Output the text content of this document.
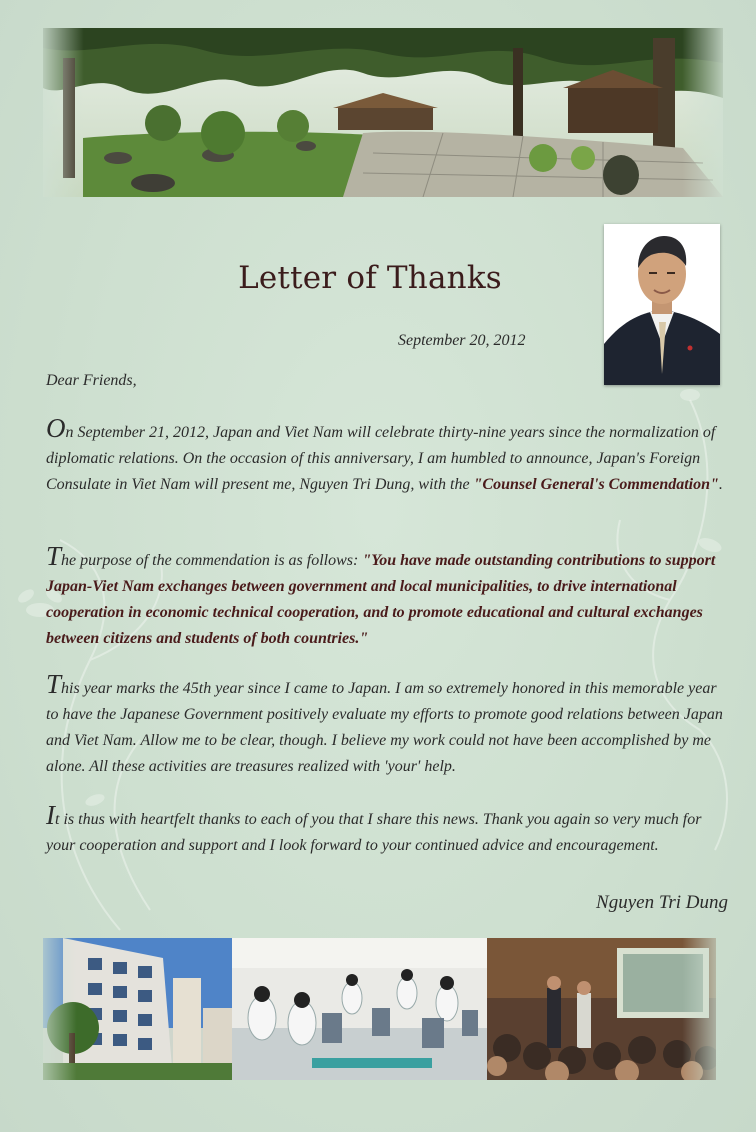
Letter of Thanks
September 20, 2012
Dear Friends,
On September 21, 2012, Japan and Viet Nam will celebrate thirty-nine years since the normalization of diplomatic relations. On the occasion of this anniversary, I am humbled to announce, Japan's Foreign Consulate in Viet Nam will present me, Nguyen Tri Dung, with the "Counsel General's Commendation".
The purpose of the commendation is as follows: "You have made outstanding contributions to support Japan-Viet Nam exchanges between government and local municipalities, to drive international cooperation in economic technical cooperation, and to promote educational and cultural exchanges between citizens and students of both countries."
This year marks the 45th year since I came to Japan. I am so extremely honored in this memorable year to have the Japanese Government positively evaluate my efforts to promote good relations between Japan and Viet Nam. Allow me to be clear, though. I believe my work could not have been accomplished by me alone. All these activities are treasures realized with 'your' help.
It is thus with heartfelt thanks to each of you that I share this news. Thank you again so very much for your cooperation and support and I look forward to your continued advice and encouragement.
Nguyen Tri Dung
